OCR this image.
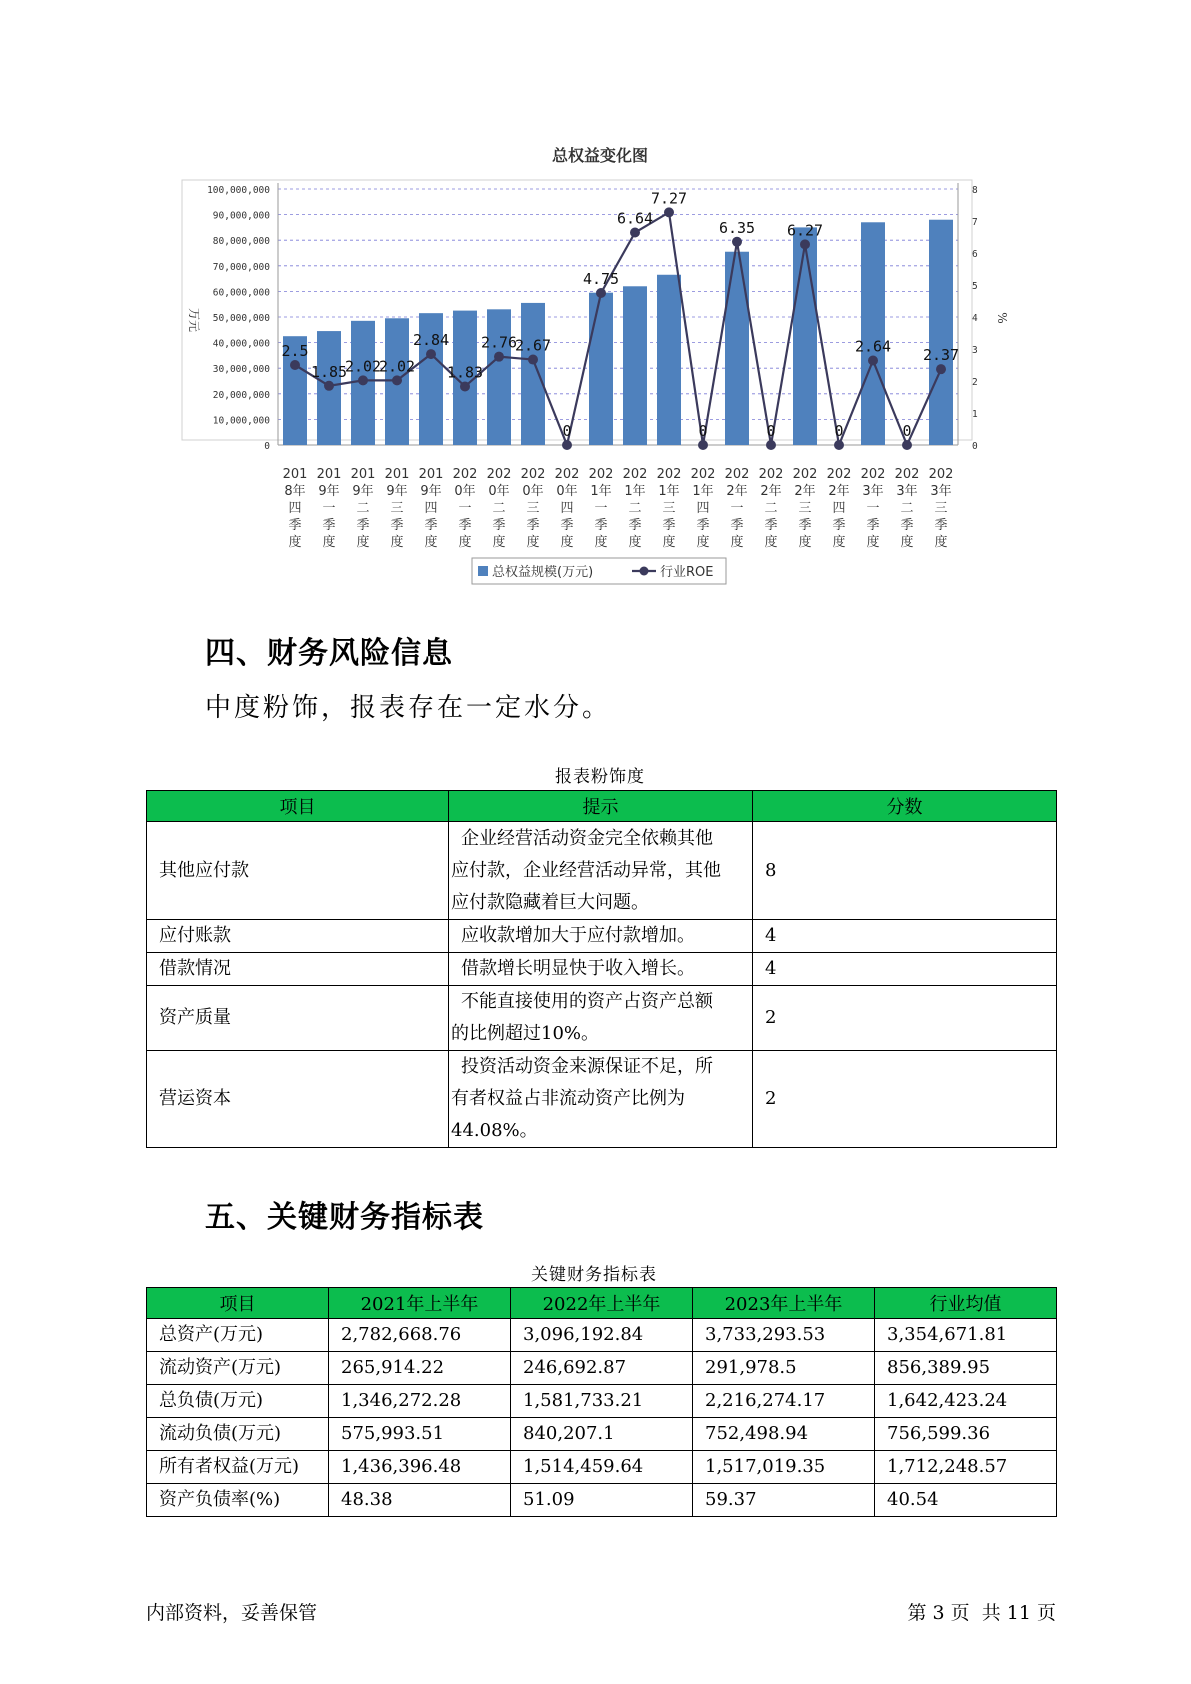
总权益变化图
0
10,000,000
20,000,000
30,000,000
40,000,000
50,000,000
60,000,000
70,000,000
80,000,000
90,000,000
100,000,000
0
1
2
3
4
5
6
7
8
万元	%
2.5
1.85
2.02
2.02
2.84
1.83
2.76
2.67
0
4.75
6.64
7.27
0
6.35
0
6.27
0
2.64
0
2.37
201 8年四季度
201 9年一季度
201 9年二季度
201 9年三季度
201 9年四季度
202 0年一季度
202 0年二季度
202 0年三季度
202 0年四季度
202 1年一季度
202 1年二季度
202 1年三季度
202 1年四季度
202 2年一季度
202 2年二季度
202 2年三季度
202 2年四季度
202 3年一季度
202 3年二季度
202 3年三季度
总权益规模(万元)	行业ROE
四、财务风险信息
中度粉饰，报表存在一定水分。
报表粉饰度
项目	提示	分数
其他应付款	企业经营活动资金完全依赖其他
应付款，企业经营活动异常，其他
应付款隐藏着巨大问题。	8
应付账款	应收款增加大于应付款增加。	4
借款情况	借款增长明显快于收入增长。	4
资产质量	不能直接使用的资产占资产总额
的比例超过10%。	2
营运资本	投资活动资金来源保证不足，所
有者权益占非流动资产比例为
44.08%。	2
五、关键财务指标表
关键财务指标表
项目	2021年上半年	2022年上半年	2023年上半年	行业均值
总资产(万元)	2,782,668.76	3,096,192.84	3,733,293.53	3,354,671.81
流动资产(万元)	265,914.22	246,692.87	291,978.5	856,389.95
总负债(万元)	1,346,272.28	1,581,733.21	2,216,274.17	1,642,423.24
流动负债(万元)	575,993.51	840,207.1	752,498.94	756,599.36
所有者权益(万元)	1,436,396.48	1,514,459.64	1,517,019.35	1,712,248.57
资产负债率(%)	48.38	51.09	59.37	40.54
内部资料，妥善保管	第 3 页  共 11 页
